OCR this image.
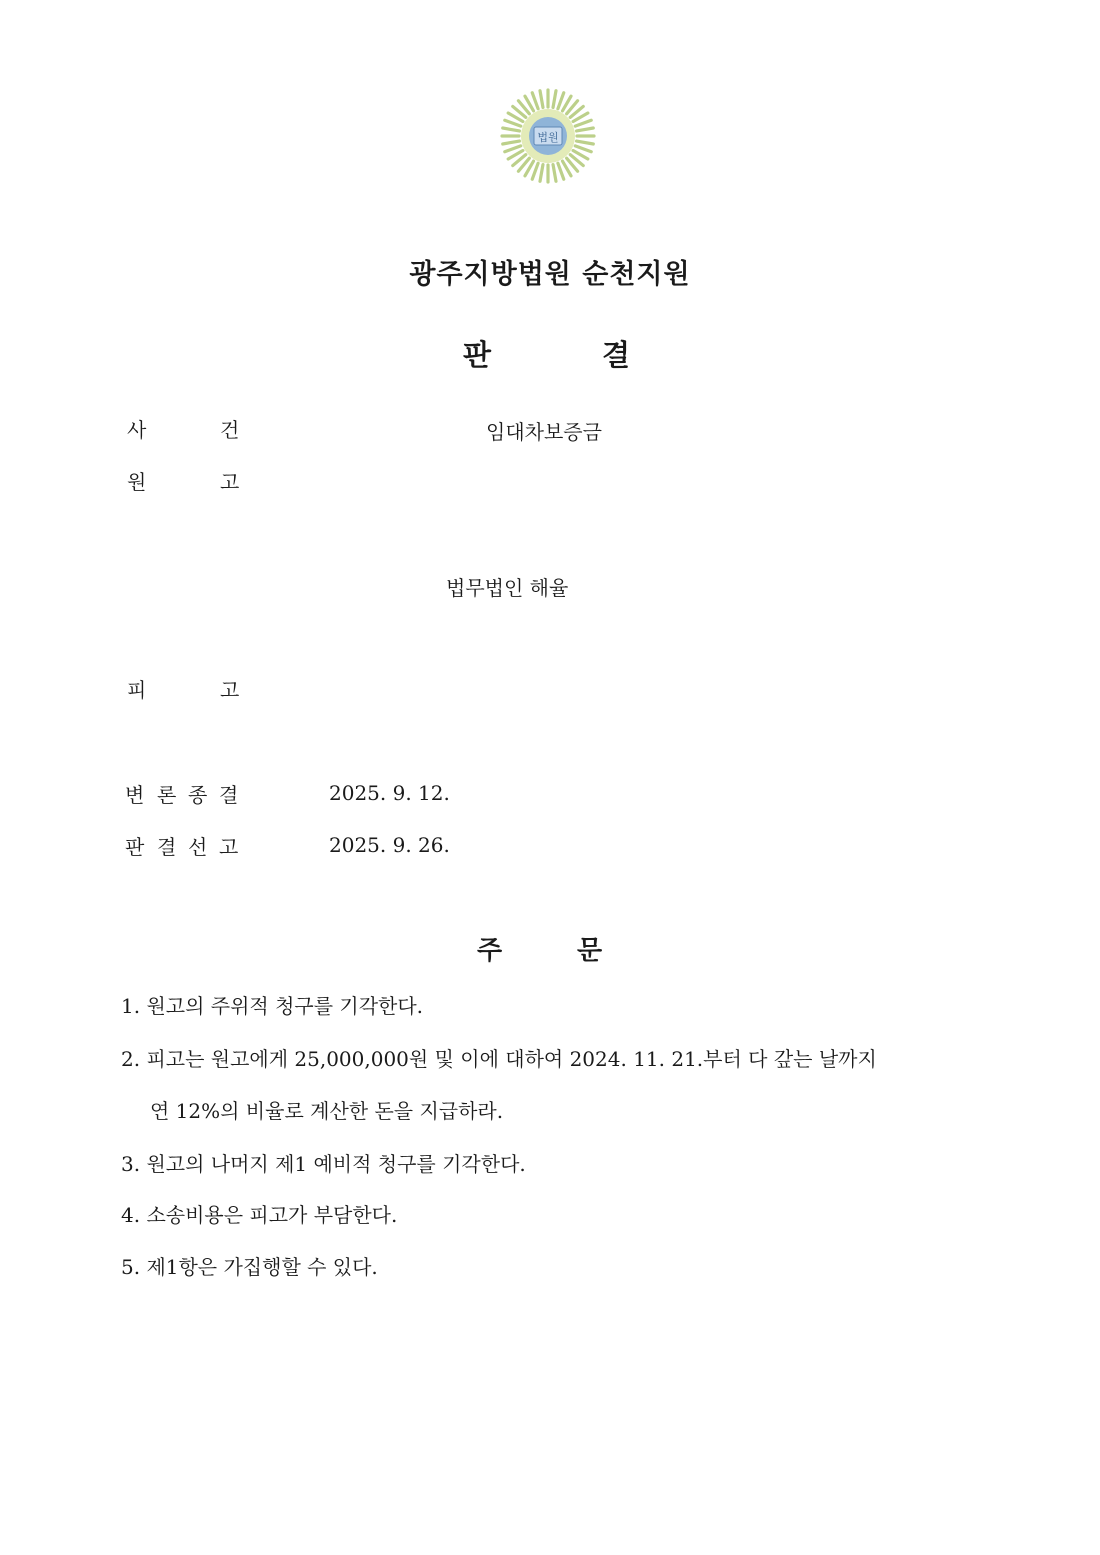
법원
광주지방법원 순천지원
판	결
사	건	임대차보증금
원	고
법무법인 해율
피	고
변 론 종 결	2025. 9. 12.
판 결 선 고	2025. 9. 26.
주	문
1. 원고의 주위적 청구를 기각한다.
2. 피고는 원고에게 25,000,000원 및 이에 대하여 2024. 11. 21.부터 다 갚는 날까지
연 12%의 비율로 계산한 돈을 지급하라.
3. 원고의 나머지 제1 예비적 청구를 기각한다.
4. 소송비용은 피고가 부담한다.
5. 제1항은 가집행할 수 있다.
